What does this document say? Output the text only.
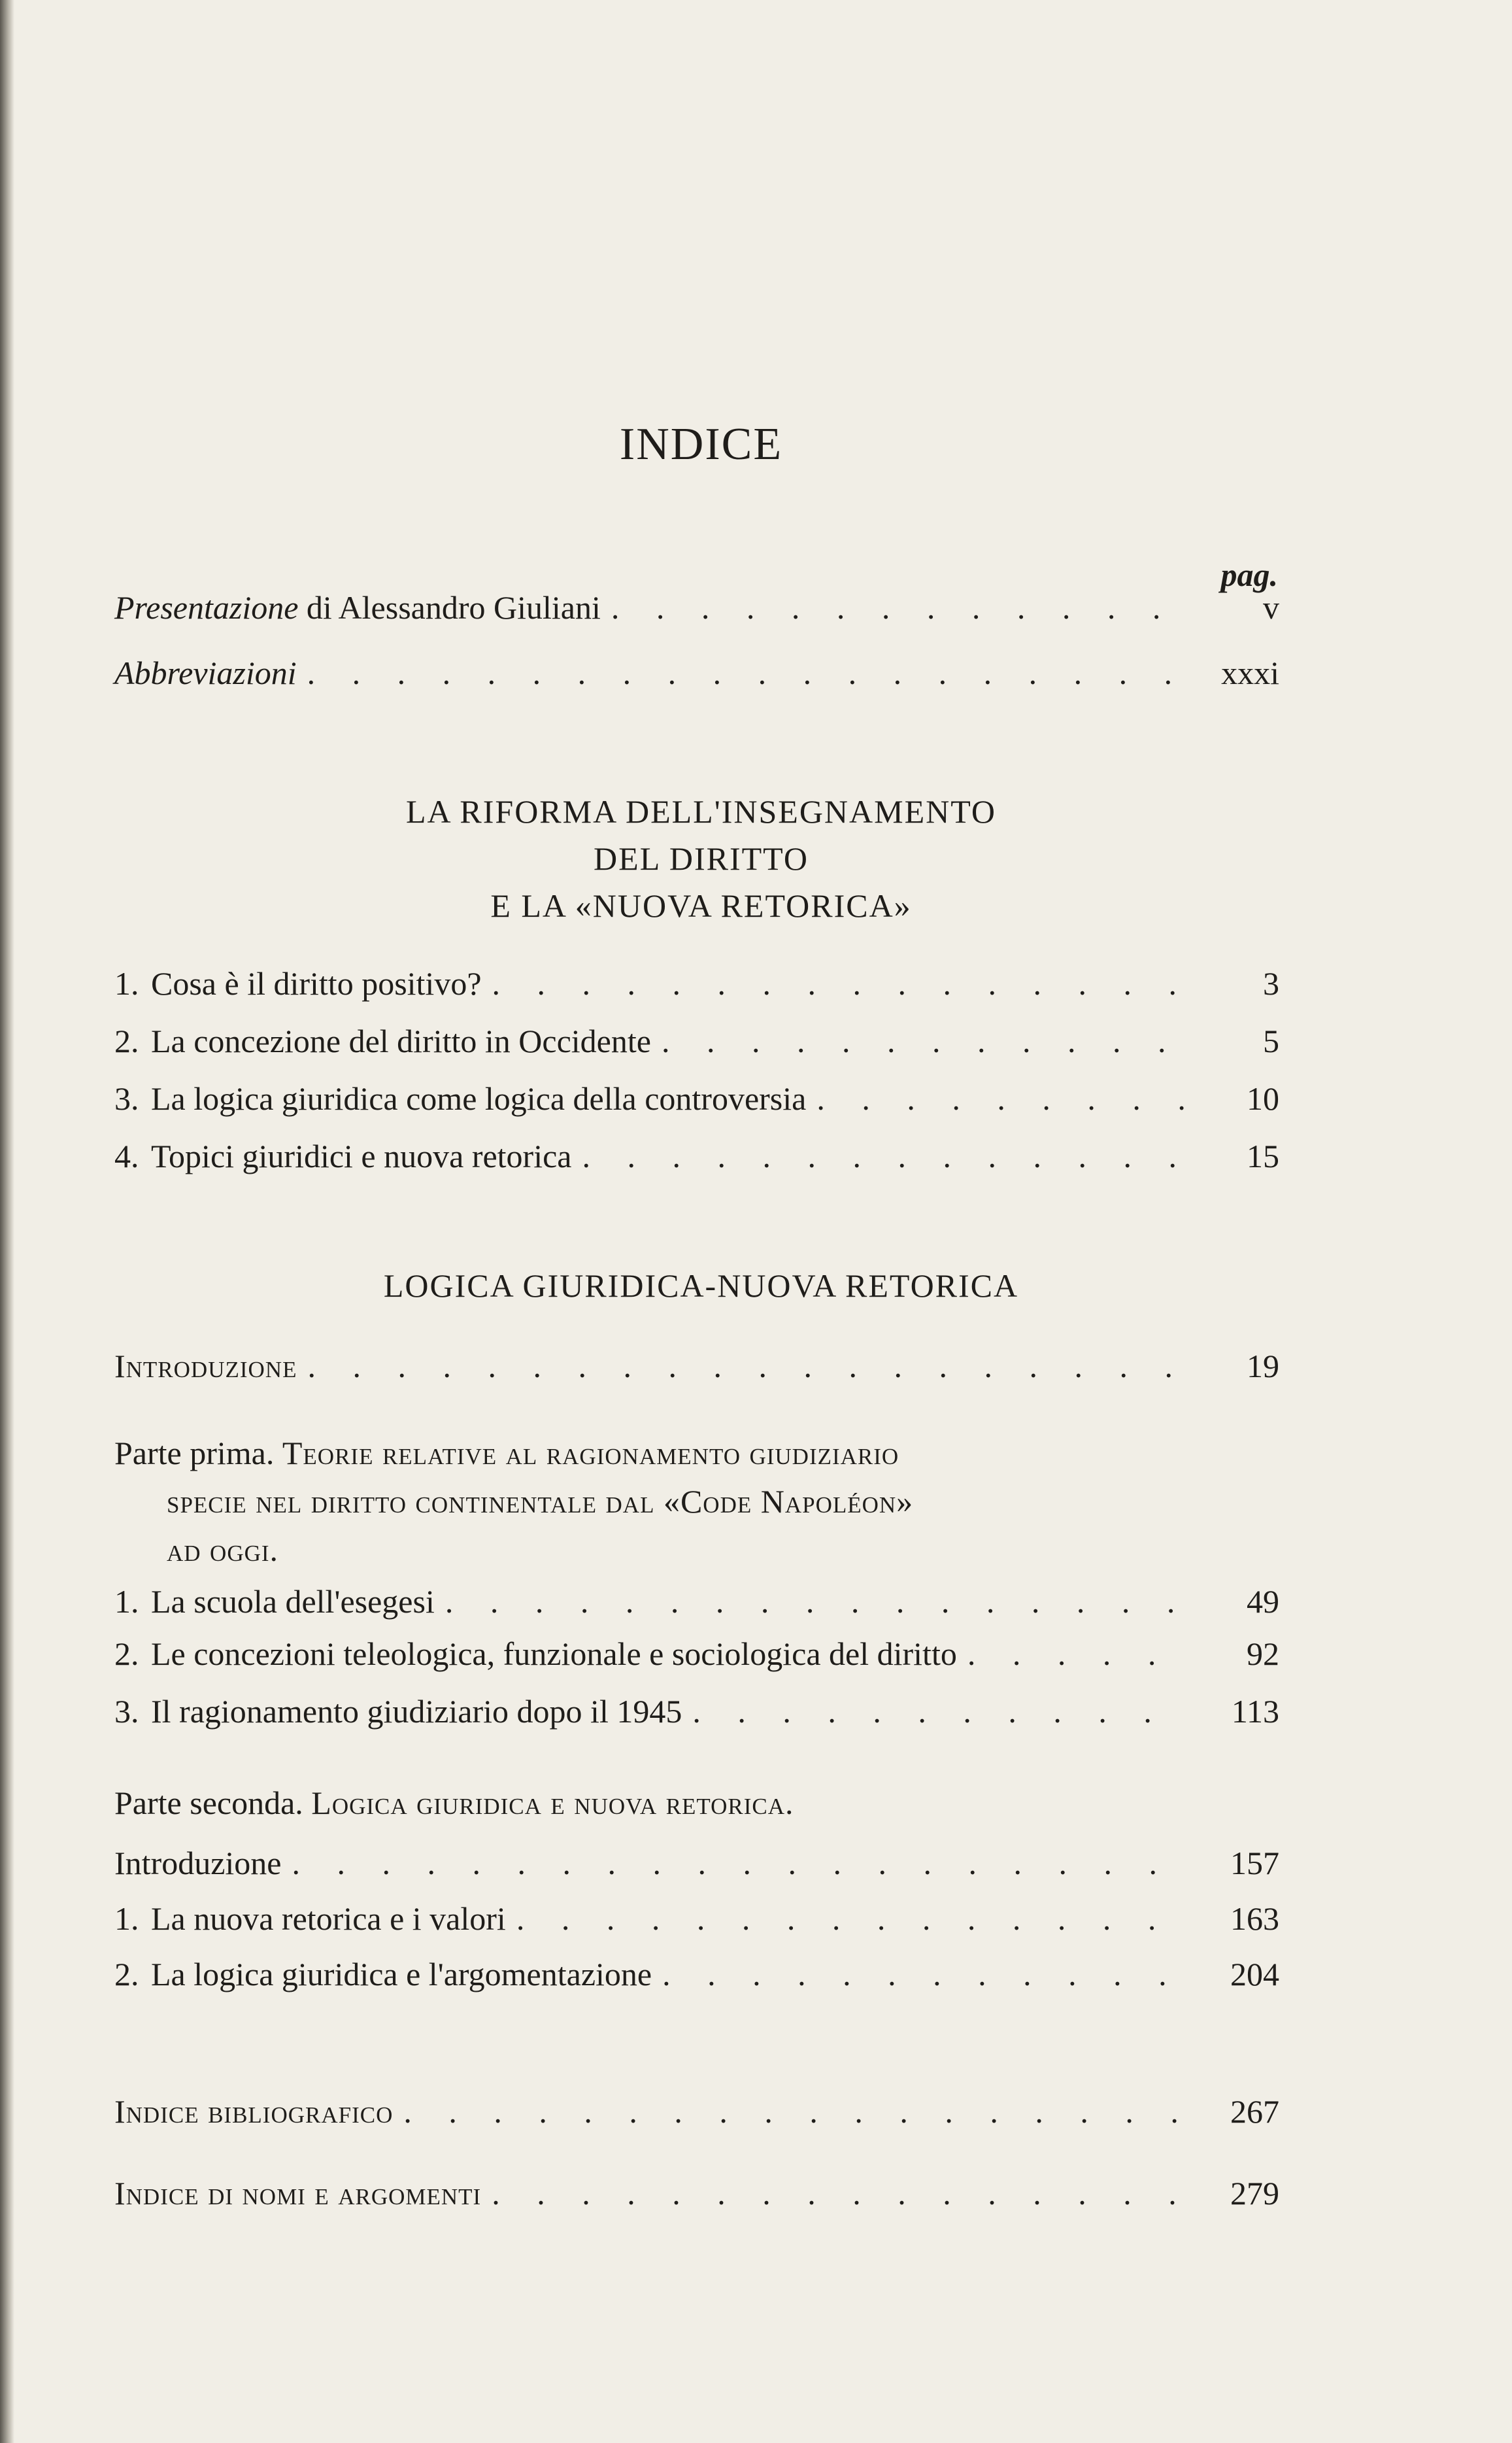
INDICE
pag.
Presentazione di Alessandro Giuliani . . .	v
Abbreviazioni . . .	xxxi
LA RIFORMA DELL'INSEGNAMENTO
DEL DIRITTO
E LA «NUOVA RETORICA»
1. Cosa è il diritto positivo? . . .	3
2. La concezione del diritto in Occidente . . .	5
3. La logica giuridica come logica della controversia . . .	10
4. Topici giuridici e nuova retorica . . .	15
LOGICA GIURIDICA-NUOVA RETORICA
Introduzione . . .	19
Parte prima. Teorie relative al ragionamento giudiziario
specie nel diritto continentale dal «Code Napoléon»
ad oggi.
1. La scuola dell'esegesi . . .	49
2. Le concezioni teleologica, funzionale e sociologica del diritto . . .	92
3. Il ragionamento giudiziario dopo il 1945 . . .	113
Parte seconda. Logica giuridica e nuova retorica.
Introduzione . . .	157
1. La nuova retorica e i valori . . .	163
2. La logica giuridica e l'argomentazione . . .	204
Indice bibliografico . . .	267
Indice di nomi e argomenti . . .	279
